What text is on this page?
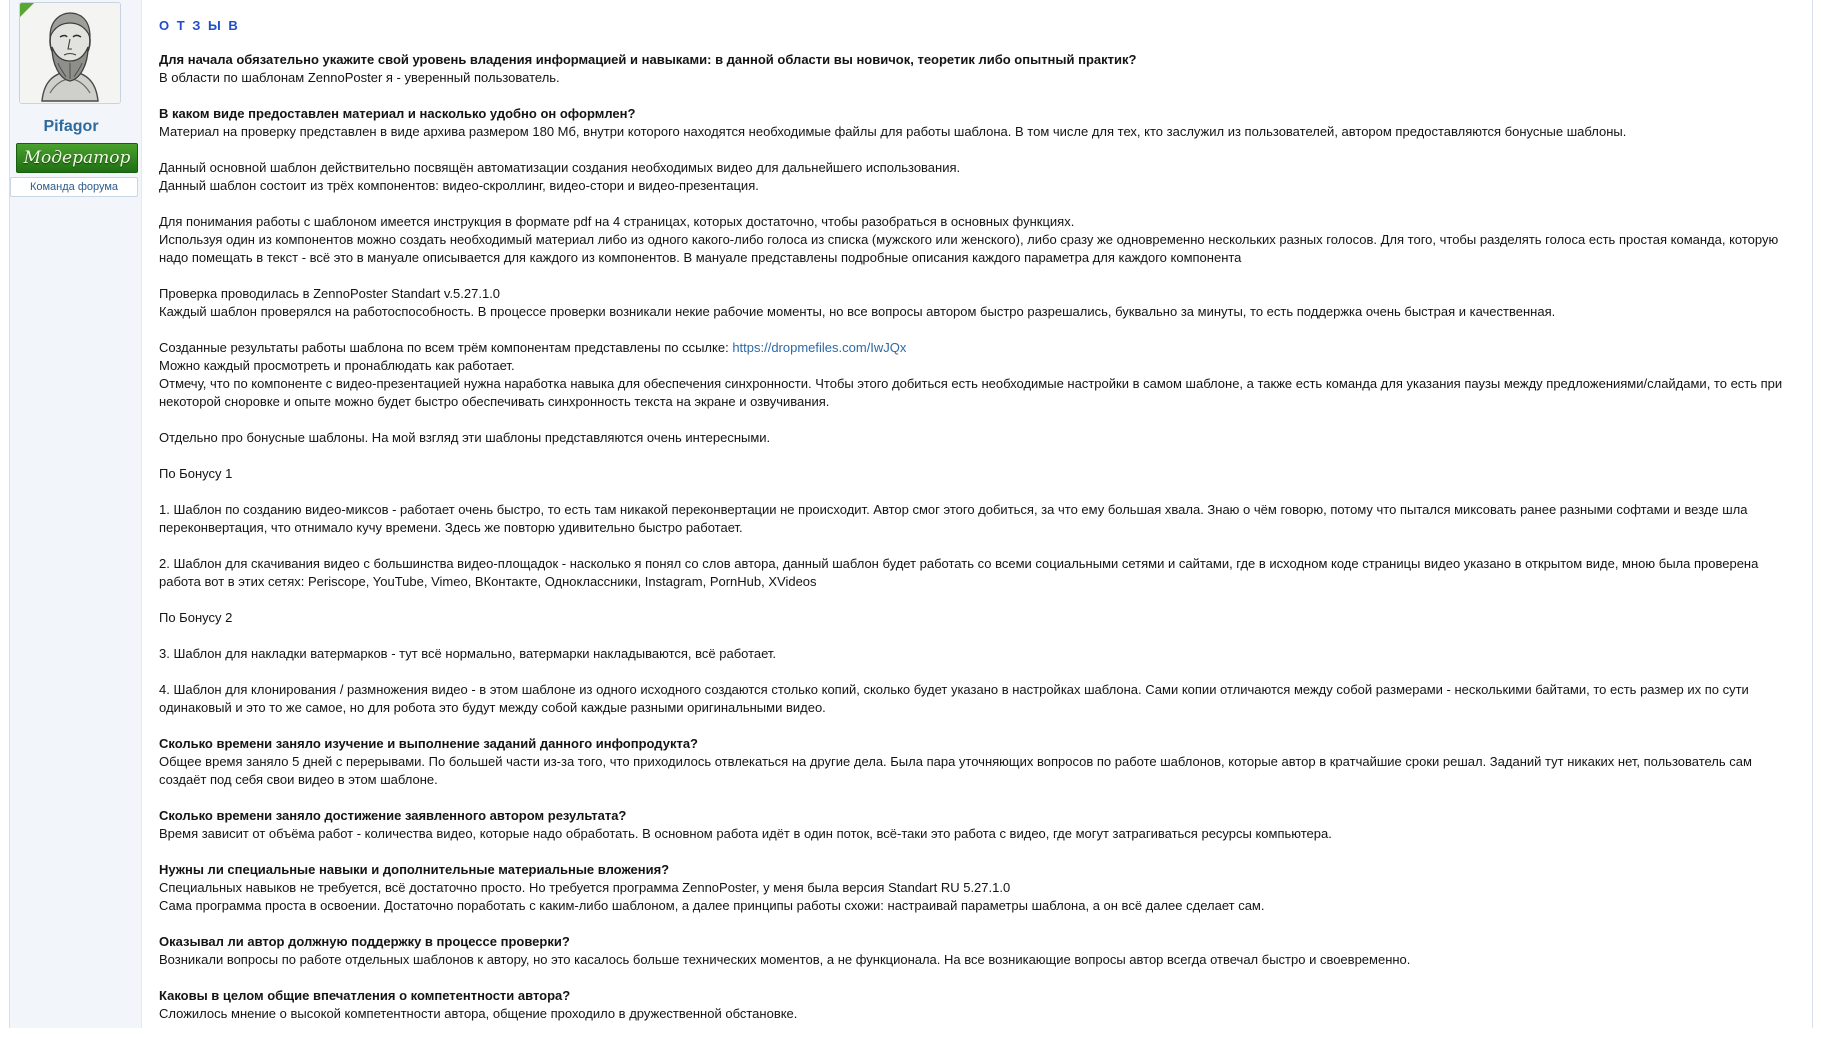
Pifagor
Модератор
Команда форума
О Т З Ы В

Для начала обязательно укажите свой уровень владения информацией и навыками: в данной области вы новичок, теоретик либо опытный практик?
В области по шаблонам ZennoPoster я - уверенный пользователь.

В каком виде предоставлен материал и насколько удобно он оформлен?
Материал на проверку представлен в виде архива размером 180 Мб, внутри которого находятся необходимые файлы для работы шаблона. В том числе для тех, кто заслужил из пользователей, автором предоставляются бонусные шаблоны.

Данный основной шаблон действительно посвящён автоматизации создания необходимых видео для дальнейшего использования.
Данный шаблон состоит из трёх компонентов: видео-скроллинг, видео-стори и видео-презентация.

Для понимания работы с шаблоном имеется инструкция в формате pdf на 4 страницах, которых достаточно, чтобы разобраться в основных функциях.
Используя один из компонентов можно создать необходимый материал либо из одного какого-либо голоса из списка (мужского или женского), либо сразу же одновременно нескольких разных голосов. Для того, чтобы разделять голоса есть простая команда, которую надо помещать в текст - всё это в мануале описывается для каждого из компонентов. В мануале представлены подробные описания каждого параметра для каждого компонента

Проверка проводилась в ZennoPoster Standart v.5.27.1.0
Каждый шаблон проверялся на работоспособность. В процессе проверки возникали некие рабочие моменты, но все вопросы автором быстро разрешались, буквально за минуты, то есть поддержка очень быстрая и качественная.

Созданные результаты работы шаблона по всем трём компонентам представлены по ссылке: https://dropmefiles.com/IwJQx
Можно каждый просмотреть и пронаблюдать как работает.
Отмечу, что по компоненте с видео-презентацией нужна наработка навыка для обеспечения синхронности. Чтобы этого добиться есть необходимые настройки в самом шаблоне, а также есть команда для указания паузы между предложениями/слайдами, то есть при некоторой сноровке и опыте можно будет быстро обеспечивать синхронность текста на экране и озвучивания.

Отдельно про бонусные шаблоны. На мой взгляд эти шаблоны представляются очень интересными.

По Бонусу 1

1. Шаблон по созданию видео-миксов - работает очень быстро, то есть там никакой переконвертации не происходит. Автор смог этого добиться, за что ему большая хвала. Знаю о чём говорю, потому что пытался миксовать ранее разными софтами и везде шла переконвертация, что отнимало кучу времени. Здесь же повторю удивительно быстро работает.

2. Шаблон для скачивания видео с большинства видео-площадок - насколько я понял со слов автора, данный шаблон будет работать со всеми социальными сетями и сайтами, где в исходном коде страницы видео указано в открытом виде, мною была проверена работа вот в этих сетях: Periscope, YouTube, Vimeo, ВКонтакте, Одноклассники, Instagram, PornHub, XVideos

По Бонусу 2

3. Шаблон для накладки ватермарков - тут всё нормально, ватермарки накладываются, всё работает.

4. Шаблон для клонирования / размножения видео - в этом шаблоне из одного исходного создаются столько копий, сколько будет указано в настройках шаблона. Сами копии отличаются между собой размерами - несколькими байтами, то есть размер их по сути одинаковый и это то же самое, но для робота это будут между собой каждые разными оригинальными видео.

Сколько времени заняло изучение и выполнение заданий данного инфопродукта?
Общее время заняло 5 дней с перерывами. По большей части из-за того, что приходилось отвлекаться на другие дела. Была пара уточняющих вопросов по работе шаблонов, которые автор в кратчайшие сроки решал. Заданий тут никаких нет, пользователь сам создаёт под себя свои видео в этом шаблоне.

Сколько времени заняло достижение заявленного автором результата?
Время зависит от объёма работ - количества видео, которые надо обработать. В основном работа идёт в один поток, всё-таки это работа с видео, где могут затрагиваться ресурсы компьютера.

Нужны ли специальные навыки и дополнительные материальные вложения?
Специальных навыков не требуется, всё достаточно просто. Но требуется программа ZennoPoster, у меня была версия Standart RU 5.27.1.0
Сама программа проста в освоении. Достаточно поработать с каким-либо шаблоном, а далее принципы работы схожи: настраивай параметры шаблона, а он всё далее сделает сам.

Оказывал ли автор должную поддержку в процессе проверки?
Возникали вопросы по работе отдельных шаблонов к автору, но это касалось больше технических моментов, а не функционала. На все возникающие вопросы автор всегда отвечал быстро и своевременно.

Каковы в целом общие впечатления о компетентности автора?
Сложилось мнение о высокой компетентности автора, общение проходило в дружественной обстановке.
